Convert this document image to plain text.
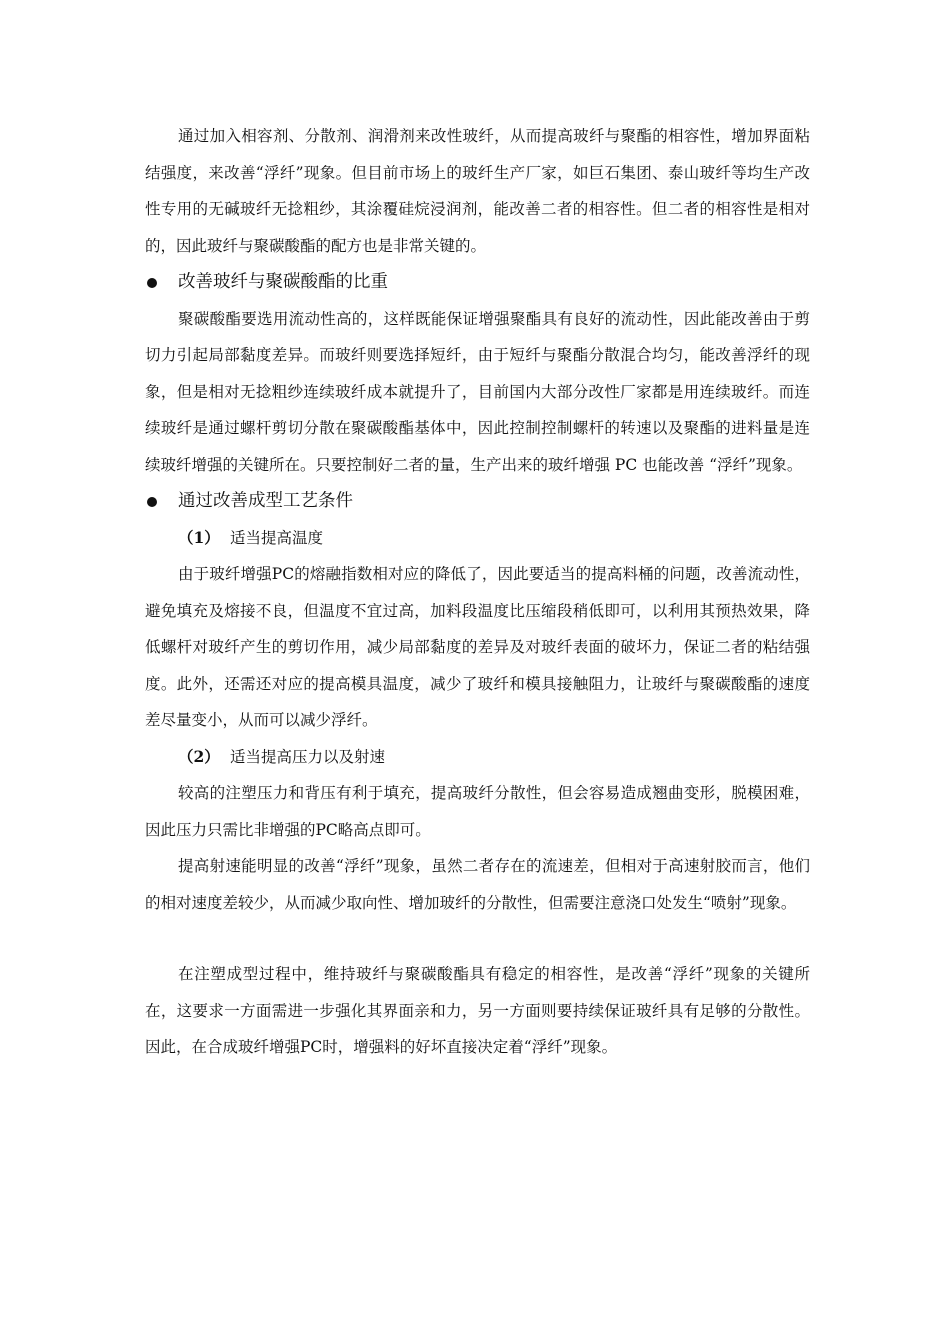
通过加入相容剂、分散剂、润滑剂来改性玻纤，从而提高玻纤与聚酯的相容性，增加界面粘结强度，来改善“浮纤”现象。但目前市场上的玻纤生产厂家，如巨石集团、泰山玻纤等均生产改性专用的无碱玻纤无捻粗纱，其涂覆硅烷浸润剂，能改善二者的相容性。但二者的相容性是相对的，因此玻纤与聚碳酸酯的配方也是非常关键的。

改善玻纤与聚碳酸酯的比重

聚碳酸酯要选用流动性高的，这样既能保证增强聚酯具有良好的流动性，因此能改善由于剪切力引起局部黏度差异。而玻纤则要选择短纤，由于短纤与聚酯分散混合均匀，能改善浮纤的现象，但是相对无捻粗纱连续玻纤成本就提升了，目前国内大部分改性厂家都是用连续玻纤。而连续玻纤是通过螺杆剪切分散在聚碳酸酯基体中，因此控制控制螺杆的转速以及聚酯的进料量是连续玻纤增强的关键所在。只要控制好二者的量，生产出来的玻纤增强 PC 也能改善 “浮纤”现象。

通过改善成型工艺条件
（1） 适当提高温度

由于玻纤增强PC的熔融指数相对应的降低了，因此要适当的提高料桶的问题，改善流动性，避免填充及熔接不良，但温度不宜过高，加料段温度比压缩段稍低即可，以利用其预热效果，降低螺杆对玻纤产生的剪切作用，减少局部黏度的差异及对玻纤表面的破坏力，保证二者的粘结强度。此外，还需还对应的提高模具温度，减少了玻纤和模具接触阻力，让玻纤与聚碳酸酯的速度差尽量变小，从而可以减少浮纤。

（2） 适当提高压力以及射速

较高的注塑压力和背压有利于填充，提高玻纤分散性，但会容易造成翘曲变形，脱模困难，因此压力只需比非增强的PC略高点即可。

提高射速能明显的改善“浮纤”现象，虽然二者存在的流速差，但相对于高速射胶而言，他们的相对速度差较少，从而减少取向性、增加玻纤的分散性，但需要注意浇口处发生“喷射”现象。

在注塑成型过程中，维持玻纤与聚碳酸酯具有稳定的相容性，是改善“浮纤”现象的关键所在，这要求一方面需进一步强化其界面亲和力，另一方面则要持续保证玻纤具有足够的分散性。因此，在合成玻纤增强PC时，增强料的好坏直接决定着“浮纤”现象。
